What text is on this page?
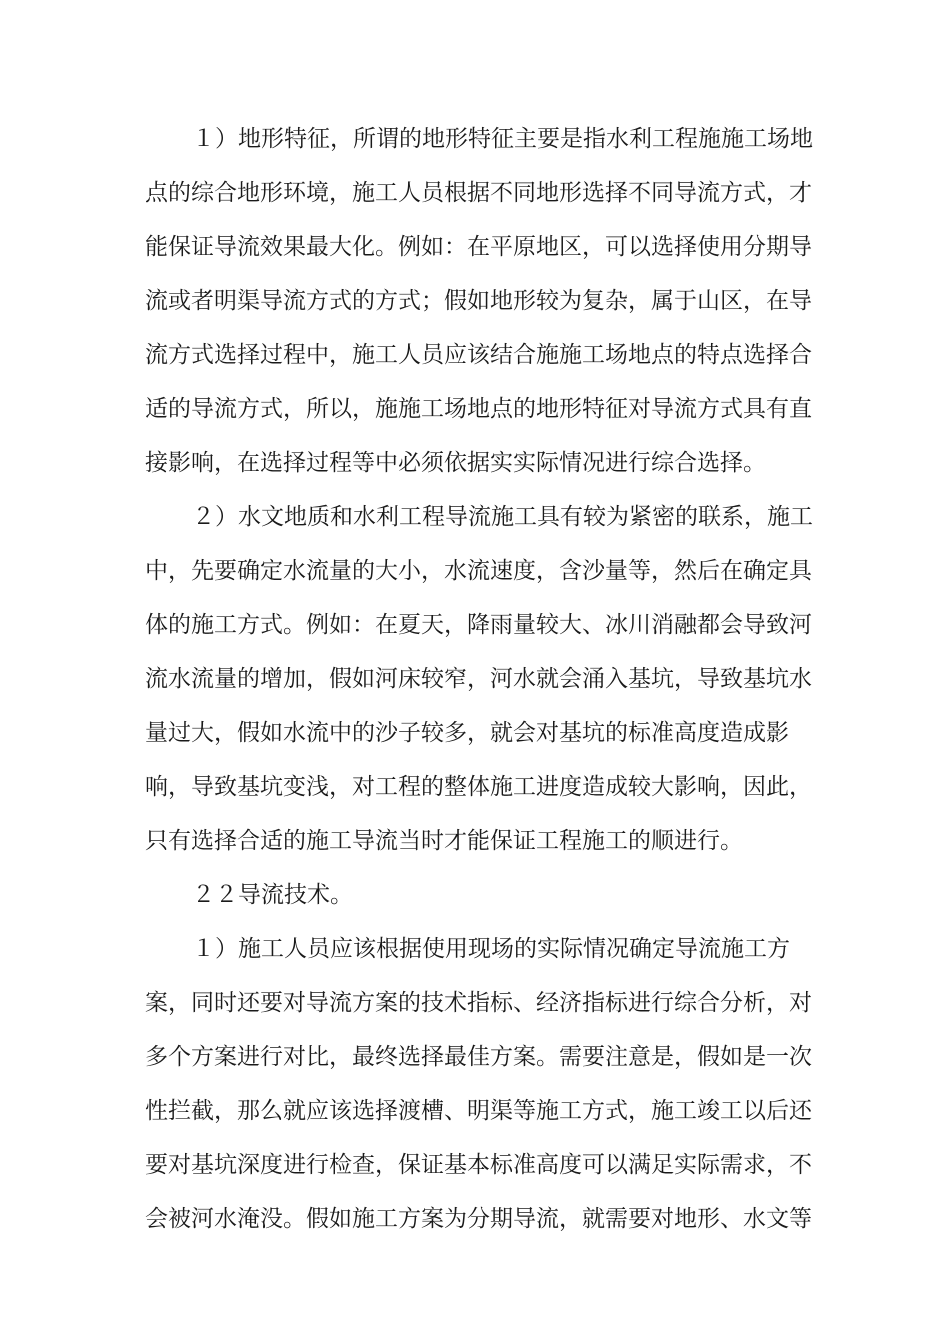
１）地形特征，所谓的地形特征主要是指水利工程施施工场地
点的综合地形环境，施工人员根据不同地形选择不同导流方式，才
能保证导流效果最大化。例如：在平原地区，可以选择使用分期导
流或者明渠导流方式的方式；假如地形较为复杂，属于山区，在导
流方式选择过程中，施工人员应该结合施施工场地点的特点选择合
适的导流方式，所以，施施工场地点的地形特征对导流方式具有直
接影响，在选择过程等中必须依据实实际情况进行综合选择。
２）水文地质和水利工程导流施工具有较为紧密的联系，施工
中，先要确定水流量的大小，水流速度，含沙量等，然后在确定具
体的施工方式。例如：在夏天，降雨量较大、冰川消融都会导致河
流水流量的增加，假如河床较窄，河水就会涌入基坑，导致基坑水
量过大，假如水流中的沙子较多，就会对基坑的标准高度造成影
响，导致基坑变浅，对工程的整体施工进度造成较大影响，因此，
只有选择合适的施工导流当时才能保证工程施工的顺进行。
２２导流技术。
１）施工人员应该根据使用现场的实际情况确定导流施工方
案，同时还要对导流方案的技术指标、经济指标进行综合分析，对
多个方案进行对比，最终选择最佳方案。需要注意是，假如是一次
性拦截，那么就应该选择渡槽、明渠等施工方式，施工竣工以后还
要对基坑深度进行检查，保证基本标准高度可以满足实际需求，不
会被河水淹没。假如施工方案为分期导流，就需要对地形、水文等
